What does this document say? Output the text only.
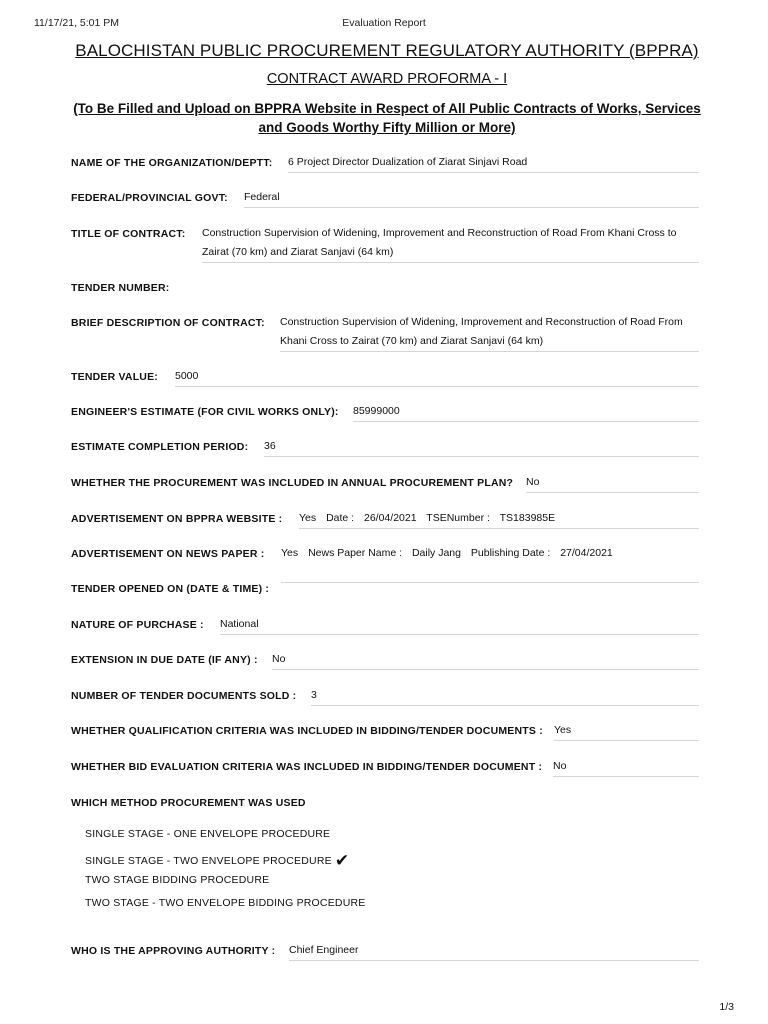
11/17/21, 5:01 PM	Evaluation Report
BALOCHISTAN PUBLIC PROCUREMENT REGULATORY AUTHORITY (BPPRA)
CONTRACT AWARD PROFORMA - I
(To Be Filled and Upload on BPPRA Website in Respect of All Public Contracts of Works, Services and Goods Worthy Fifty Million or More)
NAME OF THE ORGANIZATION/DEPTT: 6 Project Director Dualization of Ziarat Sinjavi Road
FEDERAL/PROVINCIAL GOVT: Federal
TITLE OF CONTRACT: Construction Supervision of Widening, Improvement and Reconstruction of Road From Khani Cross to Zairat (70 km) and Ziarat Sanjavi (64 km)
TENDER NUMBER:
BRIEF DESCRIPTION OF CONTRACT: Construction Supervision of Widening, Improvement and Reconstruction of Road From Khani Cross to Zairat (70 km) and Ziarat Sanjavi (64 km)
TENDER VALUE: 5000
ENGINEER'S ESTIMATE (FOR CIVIL WORKS ONLY): 85999000
ESTIMATE COMPLETION PERIOD: 36
WHETHER THE PROCUREMENT WAS INCLUDED IN ANNUAL PROCUREMENT PLAN? No
ADVERTISEMENT ON BPPRA WEBSITE : Yes Date : 26/04/2021 TSENumber : TS183985E
ADVERTISEMENT ON NEWS PAPER : Yes News Paper Name : Daily Jang Publishing Date : 27/04/2021
TENDER OPENED ON (DATE & TIME) :
NATURE OF PURCHASE : National
EXTENSION IN DUE DATE (IF ANY) : No
NUMBER OF TENDER DOCUMENTS SOLD : 3
WHETHER QUALIFICATION CRITERIA WAS INCLUDED IN BIDDING/TENDER DOCUMENTS : Yes
WHETHER BID EVALUATION CRITERIA WAS INCLUDED IN BIDDING/TENDER DOCUMENT : No
WHICH METHOD PROCUREMENT WAS USED
SINGLE STAGE - ONE ENVELOPE PROCEDURE
SINGLE STAGE - TWO ENVELOPE PROCEDURE ✔
TWO STAGE BIDDING PROCEDURE
TWO STAGE - TWO ENVELOPE BIDDING PROCEDURE
WHO IS THE APPROVING AUTHORITY : Chief Engineer
1/3
